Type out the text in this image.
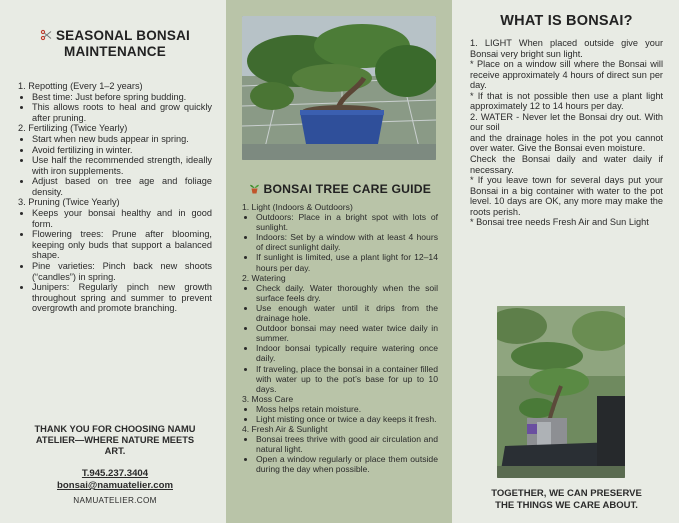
SEASONAL BONSAI
MAINTENANCE
1. Repotting (Every 1–2 years)
• Best time: Just before spring budding.
• This allows roots to heal and grow quickly after pruning.
2. Fertilizing (Twice Yearly)
• Start when new buds appear in spring.
• Avoid fertilizing in winter.
• Use half the recommended strength, ideally with iron supplements.
• Adjust based on tree age and foliage density.
3. Pruning (Twice Yearly)
• Keeps your bonsai healthy and in good form.
• Flowering trees: Prune after blooming, keeping only buds that support a balanced shape.
• Pine varieties: Pinch back new shoots (“candles”) in spring.
• Junipers: Regularly pinch new growth throughout spring and summer to prevent overgrowth and promote branching.
THANK YOU FOR CHOOSING NAMU
ATELIER—WHERE NATURE MEETS
ART.
T.945.237.3404
bonsai@namuatelier.com
NAMUATELIER.COM
BONSAI TREE CARE GUIDE
1. Light (Indoors & Outdoors)
• Outdoors: Place in a bright spot with lots of sunlight.
• Indoors: Set by a window with at least 4 hours of direct sunlight daily.
• If sunlight is limited, use a plant light for 12–14 hours per day.
2. Watering
• Check daily. Water thoroughly when the soil surface feels dry.
• Use enough water until it drips from the drainage hole.
• Outdoor bonsai may need water twice daily in summer.
• Indoor bonsai typically require watering once daily.
• If traveling, place the bonsai in a container filled with water up to the pot’s base for up to 10 days.
3. Moss Care
• Moss helps retain moisture.
• Light misting once or twice a day keeps it fresh.
4. Fresh Air & Sunlight
• Bonsai trees thrive with good air circulation and natural light.
• Open a window regularly or place them outside during the day when possible.
WHAT IS BONSAI?

1. LIGHT When placed outside give your Bonsai very bright sun light.

* Place on a window sill where the Bonsai will receive approximately 4 hours of direct sun per day.

* If that is not possible then use a plant light approximately 12 to 14 hours per day.

2. WATER - Never let the Bonsai dry out. With our soil

and the drainage holes in the pot you cannot over water. Give the Bonsai even moisture.

Check the Bonsai daily and water daily if necessary.

* If you leave town for several days put your Bonsai in a big container with water to the pot level. 10 days are OK, any more may make the roots perish.

* Bonsai tree needs Fresh Air and Sun Light

TOGETHER, WE CAN PRESERVE
THE THINGS WE CARE ABOUT.
